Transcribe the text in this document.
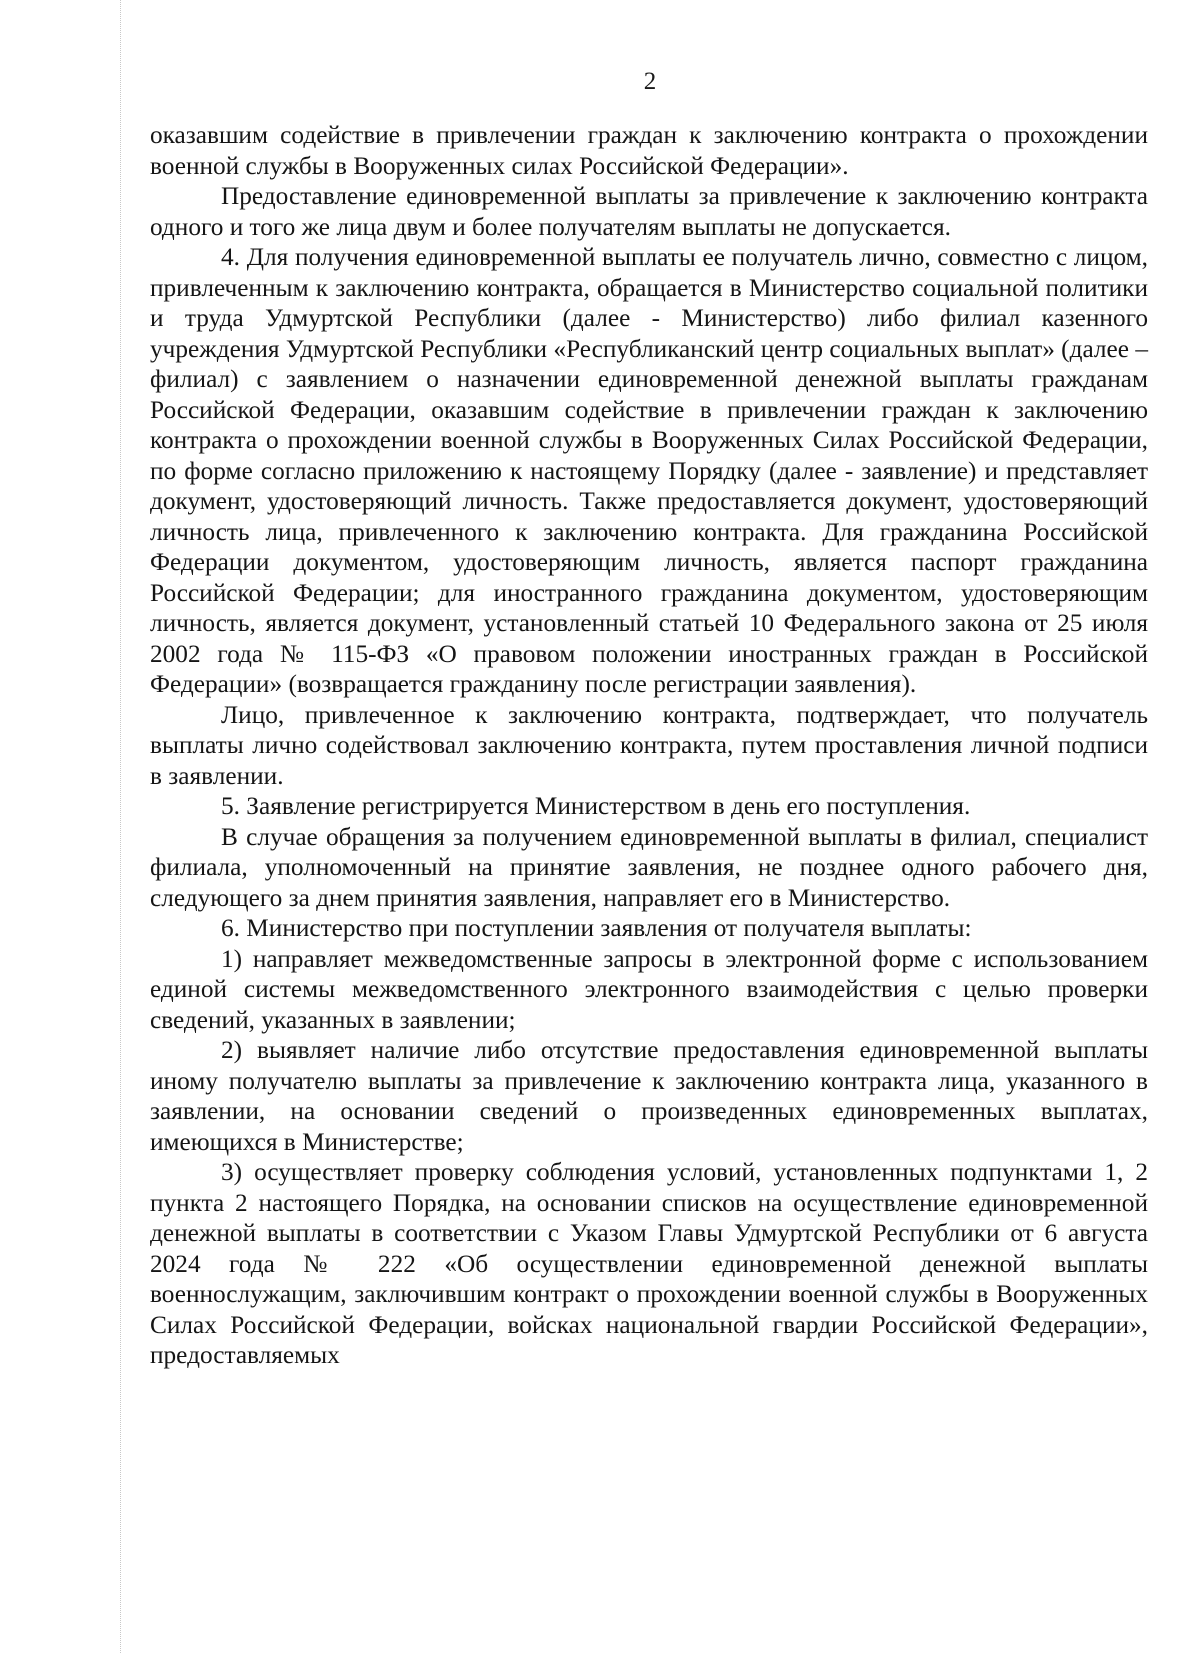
2

оказавшим содействие в привлечении граждан к заключению контракта о прохождении военной службы в Вооруженных силах Российской Федерации».

Предоставление единовременной выплаты за привлечение к заключению контракта одного и того же лица двум и более получателям выплаты не допускается.

4. Для получения единовременной выплаты ее получатель лично, совместно с лицом, привлеченным к заключению контракта, обращается в Министерство социальной политики и труда Удмуртской Республики (далее - Министерство) либо филиал казенного учреждения Удмуртской Республики «Республиканский центр социальных выплат» (далее – филиал) с заявлением о назначении единовременной денежной выплаты гражданам Российской Федерации, оказавшим содействие в привлечении граждан к заключению контракта о прохождении военной службы в Вооруженных Силах Российской Федерации, по форме согласно приложению к настоящему Порядку (далее - заявление) и представляет документ, удостоверяющий личность. Также предоставляется документ, удостоверяющий личность лица, привлеченного к заключению контракта. Для гражданина Российской Федерации документом, удостоверяющим личность, является паспорт гражданина Российской Федерации; для иностранного гражданина документом, удостоверяющим личность, является документ, установленный статьей 10 Федерального закона от 25 июля 2002 года № 115-ФЗ «О правовом положении иностранных граждан в Российской Федерации» (возвращается гражданину после регистрации заявления).

Лицо, привлеченное к заключению контракта, подтверждает, что получатель выплаты лично содействовал заключению контракта, путем проставления личной подписи в заявлении.

5. Заявление регистрируется Министерством в день его поступления.

В случае обращения за получением единовременной выплаты в филиал, специалист филиала, уполномоченный на принятие заявления, не позднее одного рабочего дня, следующего за днем принятия заявления, направляет его в Министерство.

6. Министерство при поступлении заявления от получателя выплаты:

1) направляет межведомственные запросы в электронной форме с использованием единой системы межведомственного электронного взаимодействия с целью проверки сведений, указанных в заявлении;

2) выявляет наличие либо отсутствие предоставления единовременной выплаты иному получателю выплаты за привлечение к заключению контракта лица, указанного в заявлении, на основании сведений о произведенных единовременных выплатах, имеющихся в Министерстве;

3) осуществляет проверку соблюдения условий, установленных подпунктами 1, 2 пункта 2 настоящего Порядка, на основании списков на осуществление единовременной денежной выплаты в соответствии с Указом Главы Удмуртской Республики от 6 августа 2024 года № 222 «Об осуществлении единовременной денежной выплаты военнослужащим, заключившим контракт о прохождении военной службы в Вооруженных Силах Российской Федерации, войсках национальной гвардии Российской Федерации», предоставляемых
